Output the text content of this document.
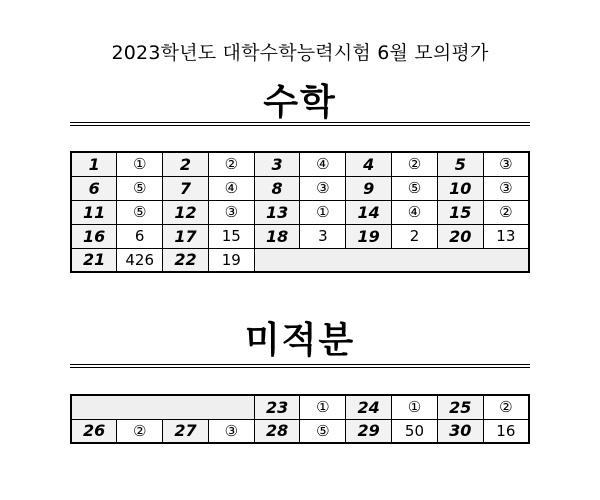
2023학년도 대학수학능력시험 6월 모의평가
수학
1	①	2	②	3	④	4	②	5	③
6	⑤	7	④	8	③	9	⑤	10	③
11	⑤	12	③	13	①	14	④	15	②
16	6	17	15	18	3	19	2	20	13
21	426	22	19						
미적분
				23	①	24	①	25	②
26	②	27	③	28	⑤	29	50	30	16
